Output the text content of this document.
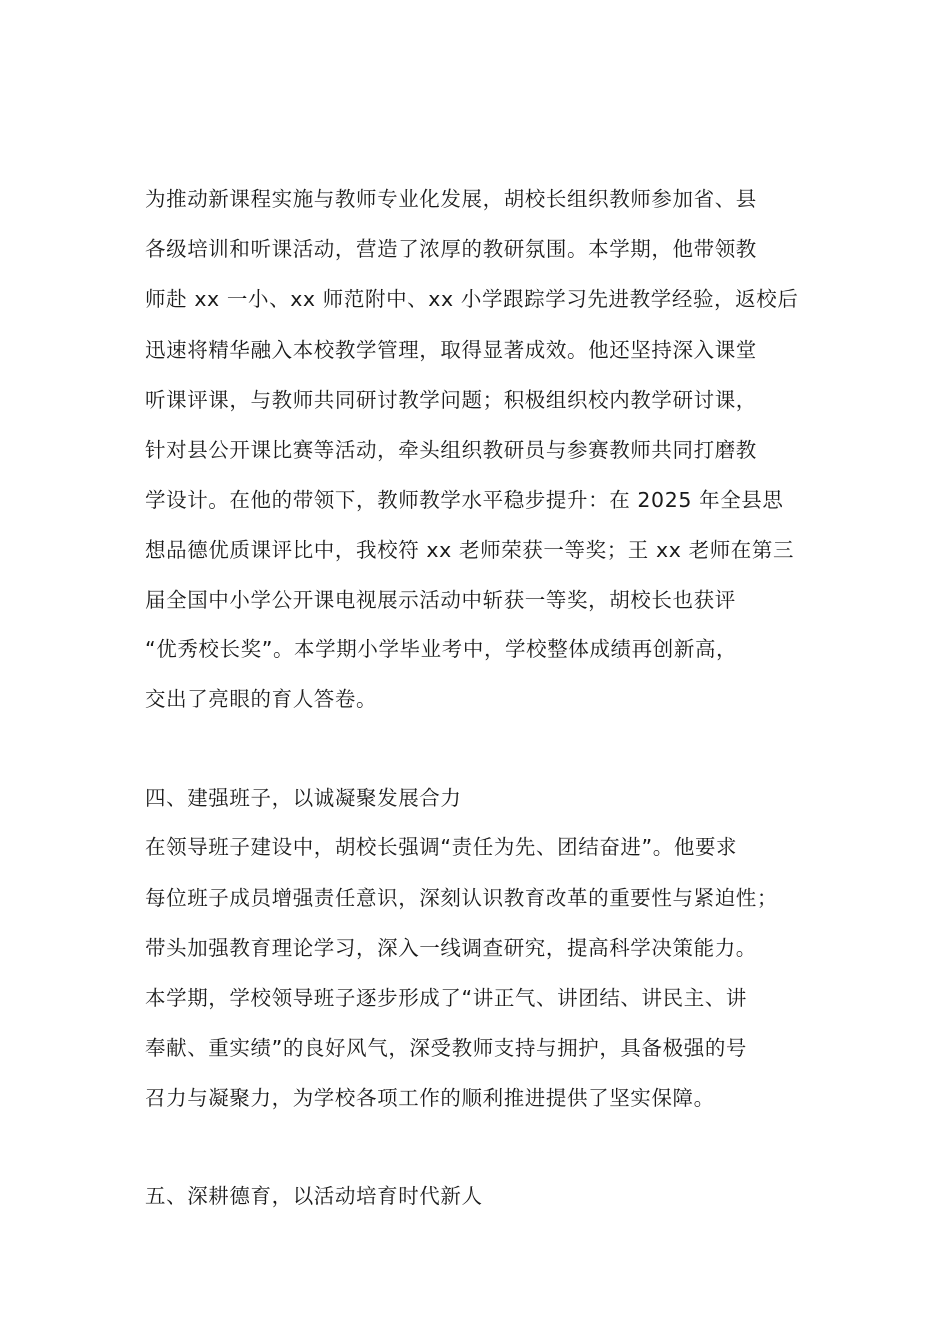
为推动新课程实施与教师专业化发展，胡校长组织教师参加省、县
各级培训和听课活动，营造了浓厚的教研氛围。本学期，他带领教
师赴 xx 一小、xx 师范附中、xx 小学跟踪学习先进教学经验，返校后
迅速将精华融入本校教学管理，取得显著成效。他还坚持深入课堂
听课评课，与教师共同研讨教学问题；积极组织校内教学研讨课，
针对县公开课比赛等活动，牵头组织教研员与参赛教师共同打磨教
学设计。在他的带领下，教师教学水平稳步提升：在 2025 年全县思
想品德优质课评比中，我校符 xx 老师荣获一等奖；王 xx 老师在第三
届全国中小学公开课电视展示活动中斩获一等奖，胡校长也获评
“优秀校长奖”。本学期小学毕业考中，学校整体成绩再创新高，
交出了亮眼的育人答卷。
四、建强班子，以诚凝聚发展合力
在领导班子建设中，胡校长强调“责任为先、团结奋进”。他要求
每位班子成员增强责任意识，深刻认识教育改革的重要性与紧迫性；
带头加强教育理论学习，深入一线调查研究，提高科学决策能力。
本学期，学校领导班子逐步形成了“讲正气、讲团结、讲民主、讲
奉献、重实绩”的良好风气，深受教师支持与拥护，具备极强的号
召力与凝聚力，为学校各项工作的顺利推进提供了坚实保障。
五、深耕德育，以活动培育时代新人
